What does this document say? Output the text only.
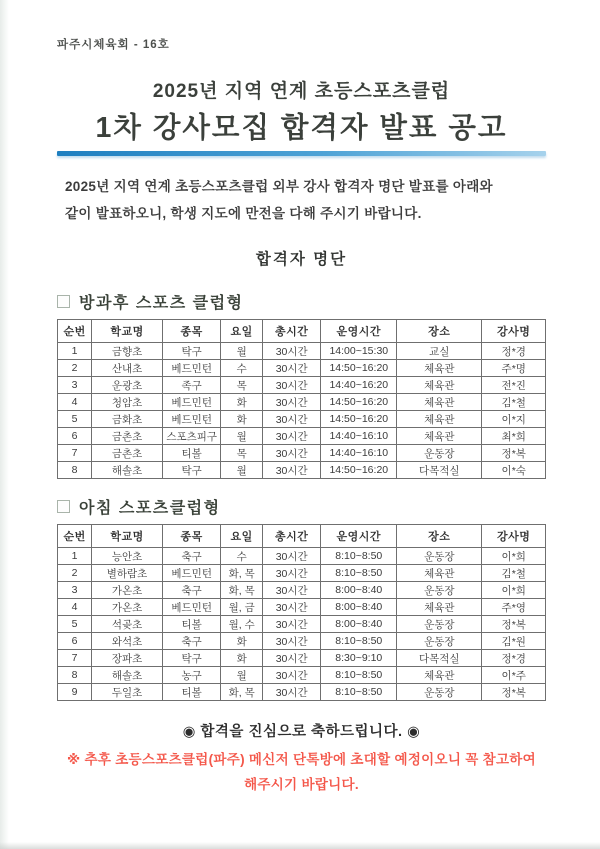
파주시체육회 - 16호
2025년 지역 연계 초등스포츠클럽
1차 강사모집 합격자 발표 공고

2025년 지역 연계 초등스포츠클럽 외부 강사 합격자 명단 발표를 아래와
같이 발표하오니, 학생 지도에 만전을 다해 주시기 바랍니다.

합격자 명단
방과후 스포츠 클럽형
순번	학교명	종목	요일	총시간	운영시간	장소	강사명
1	금향초	탁구	월	30시간	14:00~15:30	교실	정*경
2	산내초	베드민턴	수	30시간	14:50~16:20	체육관	주*명
3	운광초	족구	목	30시간	14:40~16:20	체육관	전*진
4	청암초	베드민턴	화	30시간	14:50~16:20	체육관	김*철
5	금화초	베드민턴	화	30시간	14:50~16:20	체육관	이*지
6	금촌초	스포츠피구	월	30시간	14:40~16:10	체육관	최*희
7	금촌초	티볼	목	30시간	14:40~16:10	운동장	정*복
8	해솔초	탁구	월	30시간	14:50~16:20	다목적실	이*숙
아침 스포츠클럽형
순번	학교명	종목	요일	총시간	운영시간	장소	강사명
1	능안초	축구	수	30시간	8:10~8:50	운동장	이*희
2	별하람초	베드민턴	화, 목	30시간	8:10~8:50	체육관	김*철
3	가온초	축구	화, 목	30시간	8:00~8:40	운동장	이*희
4	가온초	베드민턴	월, 금	30시간	8:00~8:40	체육관	주*영
5	석곶초	티볼	월, 수	30시간	8:00~8:40	운동장	정*복
6	와석초	축구	화	30시간	8:10~8:50	운동장	김*원
7	장파초	탁구	화	30시간	8:30~9:10	다목적실	정*경
8	해솔초	농구	월	30시간	8:10~8:50	체육관	이*주
9	두일초	티볼	화, 목	30시간	8:10~8:50	운동장	정*복
◉ 합격을 진심으로 축하드립니다. ◉
※ 추후 초등스포츠클럽(파주) 메신저 단톡방에 초대할 예정이오니 꼭 참고하여
해주시기 바랍니다.
